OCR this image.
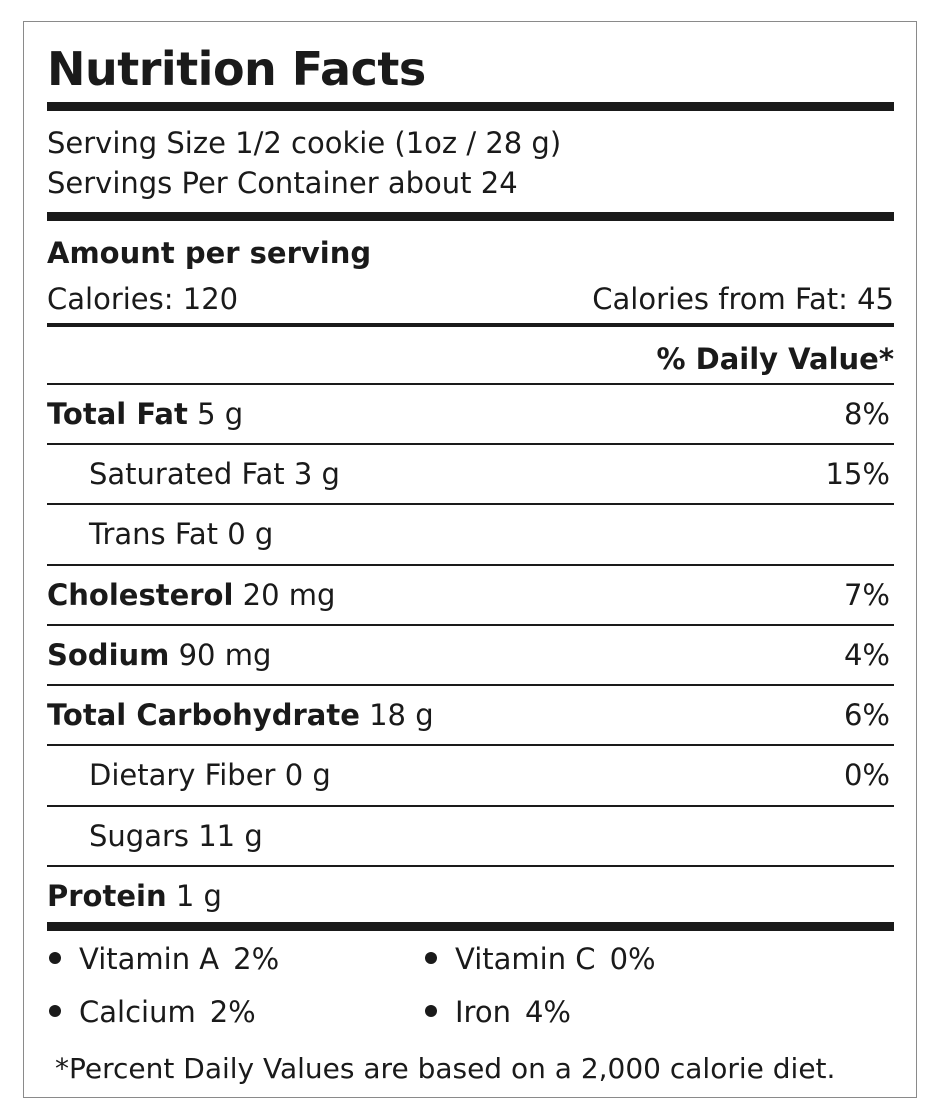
Nutrition Facts
Serving Size 1/2 cookie (1oz / 28 g)
Servings Per Container about 24
Amount per serving
Calories: 120	Calories from Fat: 45
% Daily Value*
Total Fat 5 g	8%
Saturated Fat 3 g	15%
Trans Fat 0 g
Cholesterol 20 mg	7%
Sodium 90 mg	4%
Total Carbohydrate 18 g	6%
Dietary Fiber 0 g	0%
Sugars 11 g
Protein 1 g
Vitamin A 2%	Vitamin C 0%
Calcium 2%	Iron 4%
*Percent Daily Values are based on a 2,000 calorie diet.
